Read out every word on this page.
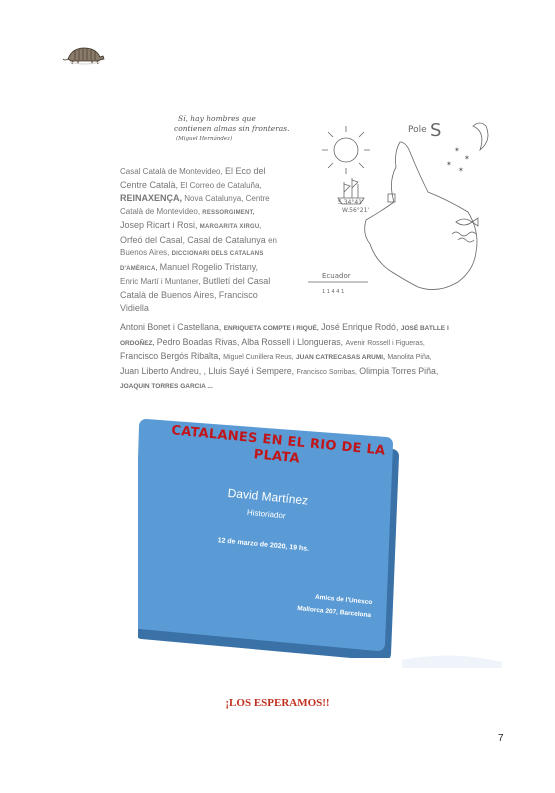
Sí, hay hombres que
contienen almas sin fronteras.
(Miguel Hernández)
Casal Català de Montevideo, El Eco del Centre Català, El Correo de Cataluña, REINAXENÇA, Nova Catalunya, Centre Català de Montevideo, RESSORGIMENT, Josep Ricart i Rosi, MARGARITA XIRGU, Orfeó del Casal, Casal de Catalunya en Buenos Aires, DICCIONARI DELS CATALANS D'AMÈRICA, Manuel Rogelio Tristany, Enric Martí i Muntaner, Butlletí del Casal Català de Buenos Aires, Francisco Vidiella
Pole S
S.34°41'
W.56°21'
Ecuador
1 1 4 4 1
✶
✶
✶
✶
Antoni Bonet i Castellana, ENRIQUETA COMPTE I RIQUÉ, José Enrique Rodó, JOSÉ BATLLE I ORDOÑEZ, Pedro Boadas Rivas, Alba Rossell i Llongueras, Avenir Rossell i Figueras, Francisco Bergós Ribalta, Miguel Cunillera Reus, JUAN CATRECASAS ARUMI, Manolita Piña, Juan Liberto Andreu, , Lluis Sayé i Sempere, Francisco Sorribas, Olimpia Torres Piña, JOAQUIN TORRES GARCIA ...
CATALANES EN EL RIO DE LA PLATA
David Martínez
Historiador
12 de marzo de 2020, 19 hs.
Amics de l'Unesco
Mallorca 207, Barcelona
¡LOS ESPERAMOS!!
7
